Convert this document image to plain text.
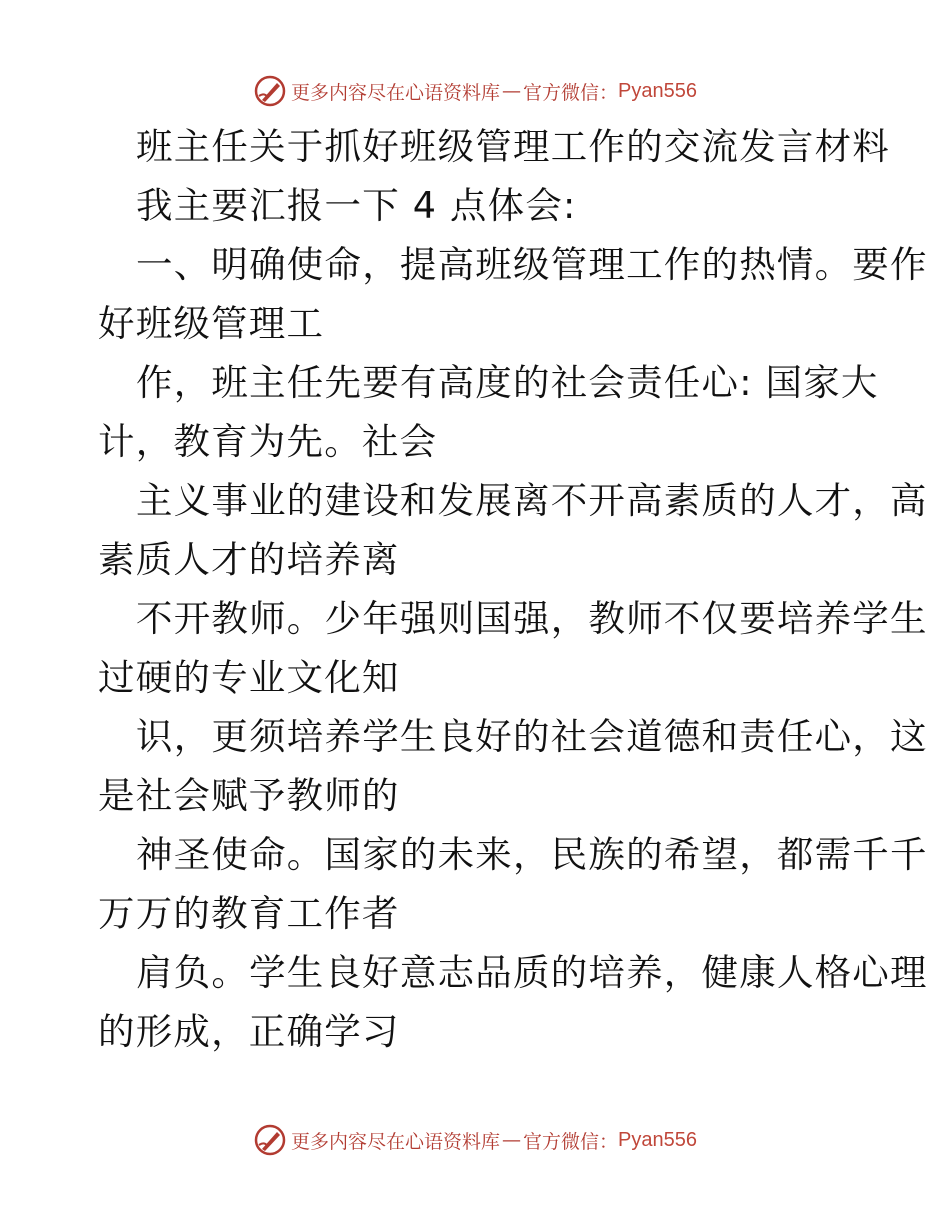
更多内容尽在心语资料库 — 官方微信： Pyan556
班主任关于抓好班级管理工作的交流发言材料
我主要汇报一下 4 点体会:
一、明确使命，提高班级管理工作的热情。要作
好班级管理工
作，班主任先要有高度的社会责任心: 国家大
计，教育为先。社会
主义事业的建设和发展离不开高素质的人才，高
素质人才的培养离
不开教师。少年强则国强，教师不仅要培养学生
过硬的专业文化知
识，更须培养学生良好的社会道德和责任心，这
是社会赋予教师的
神圣使命。国家的未来，民族的希望，都需千千
万万的教育工作者
肩负。学生良好意志品质的培养，健康人格心理
的形成，正确学习
更多内容尽在心语资料库 — 官方微信： Pyan556
